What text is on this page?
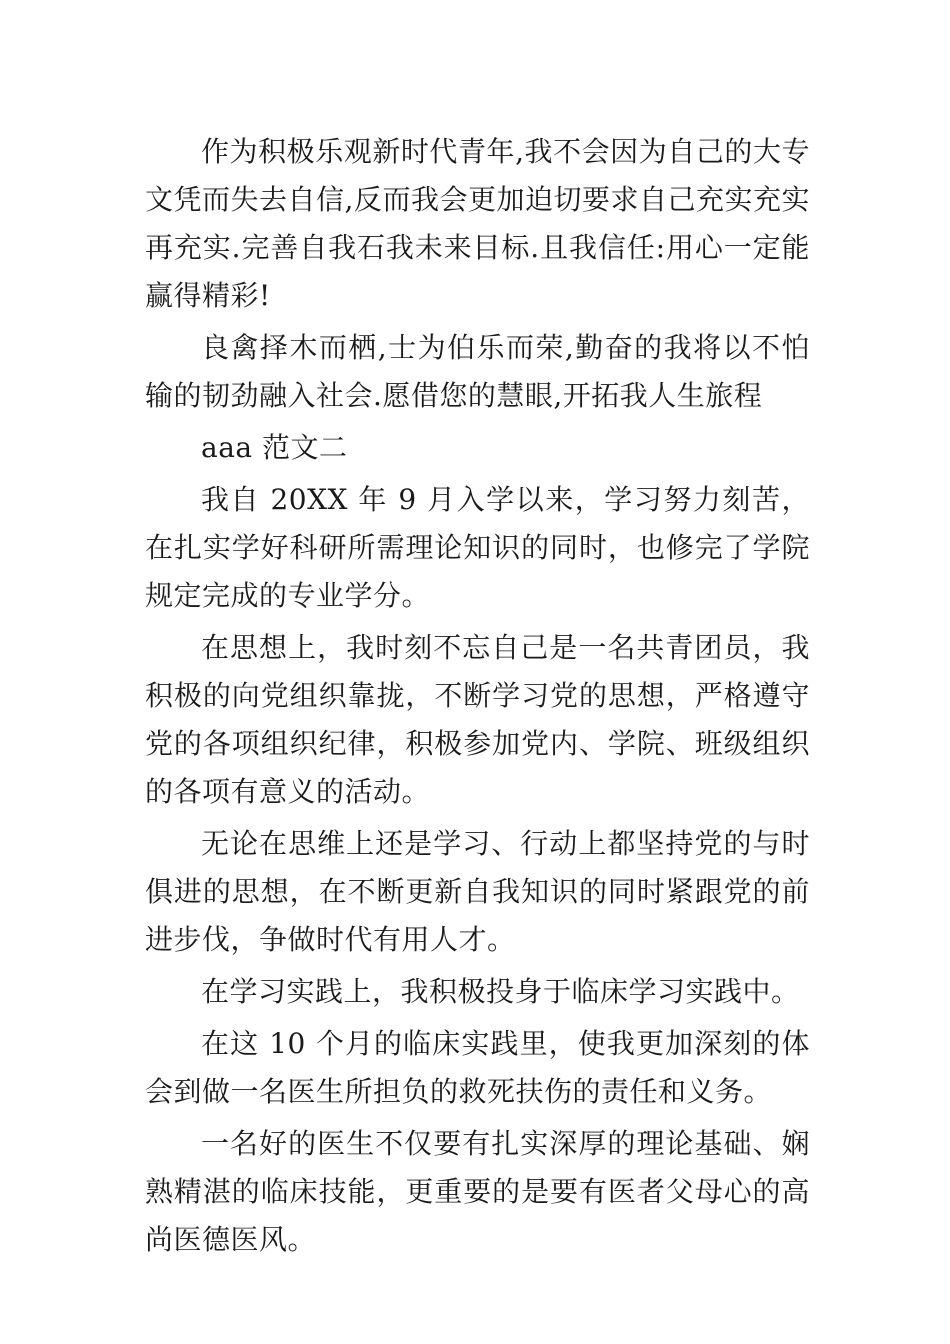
作为积极乐观新时代青年,我不会因为自己的大专文凭而失去自信,反而我会更加迫切要求自己充实充实再充实.完善自我石我未来目标.且我信任:用心一定能赢得精彩!

良禽择木而栖,士为伯乐而荣,勤奋的我将以不怕输的韧劲融入社会.愿借您的慧眼,开拓我人生旅程

aaa 范文二

我自 20XX 年 9 月入学以来，学习努力刻苦，在扎实学好科研所需理论知识的同时，也修完了学院规定完成的专业学分。

在思想上，我时刻不忘自己是一名共青团员，我积极的向党组织靠拢，不断学习党的思想，严格遵守党的各项组织纪律，积极参加党内、学院、班级组织的各项有意义的活动。

无论在思维上还是学习、行动上都坚持党的与时俱进的思想，在不断更新自我知识的同时紧跟党的前进步伐，争做时代有用人才。

在学习实践上，我积极投身于临床学习实践中。

在这 10 个月的临床实践里，使我更加深刻的体会到做一名医生所担负的救死扶伤的责任和义务。

一名好的医生不仅要有扎实深厚的理论基础、娴熟精湛的临床技能，更重要的是要有医者父母心的高尚医德医风。
